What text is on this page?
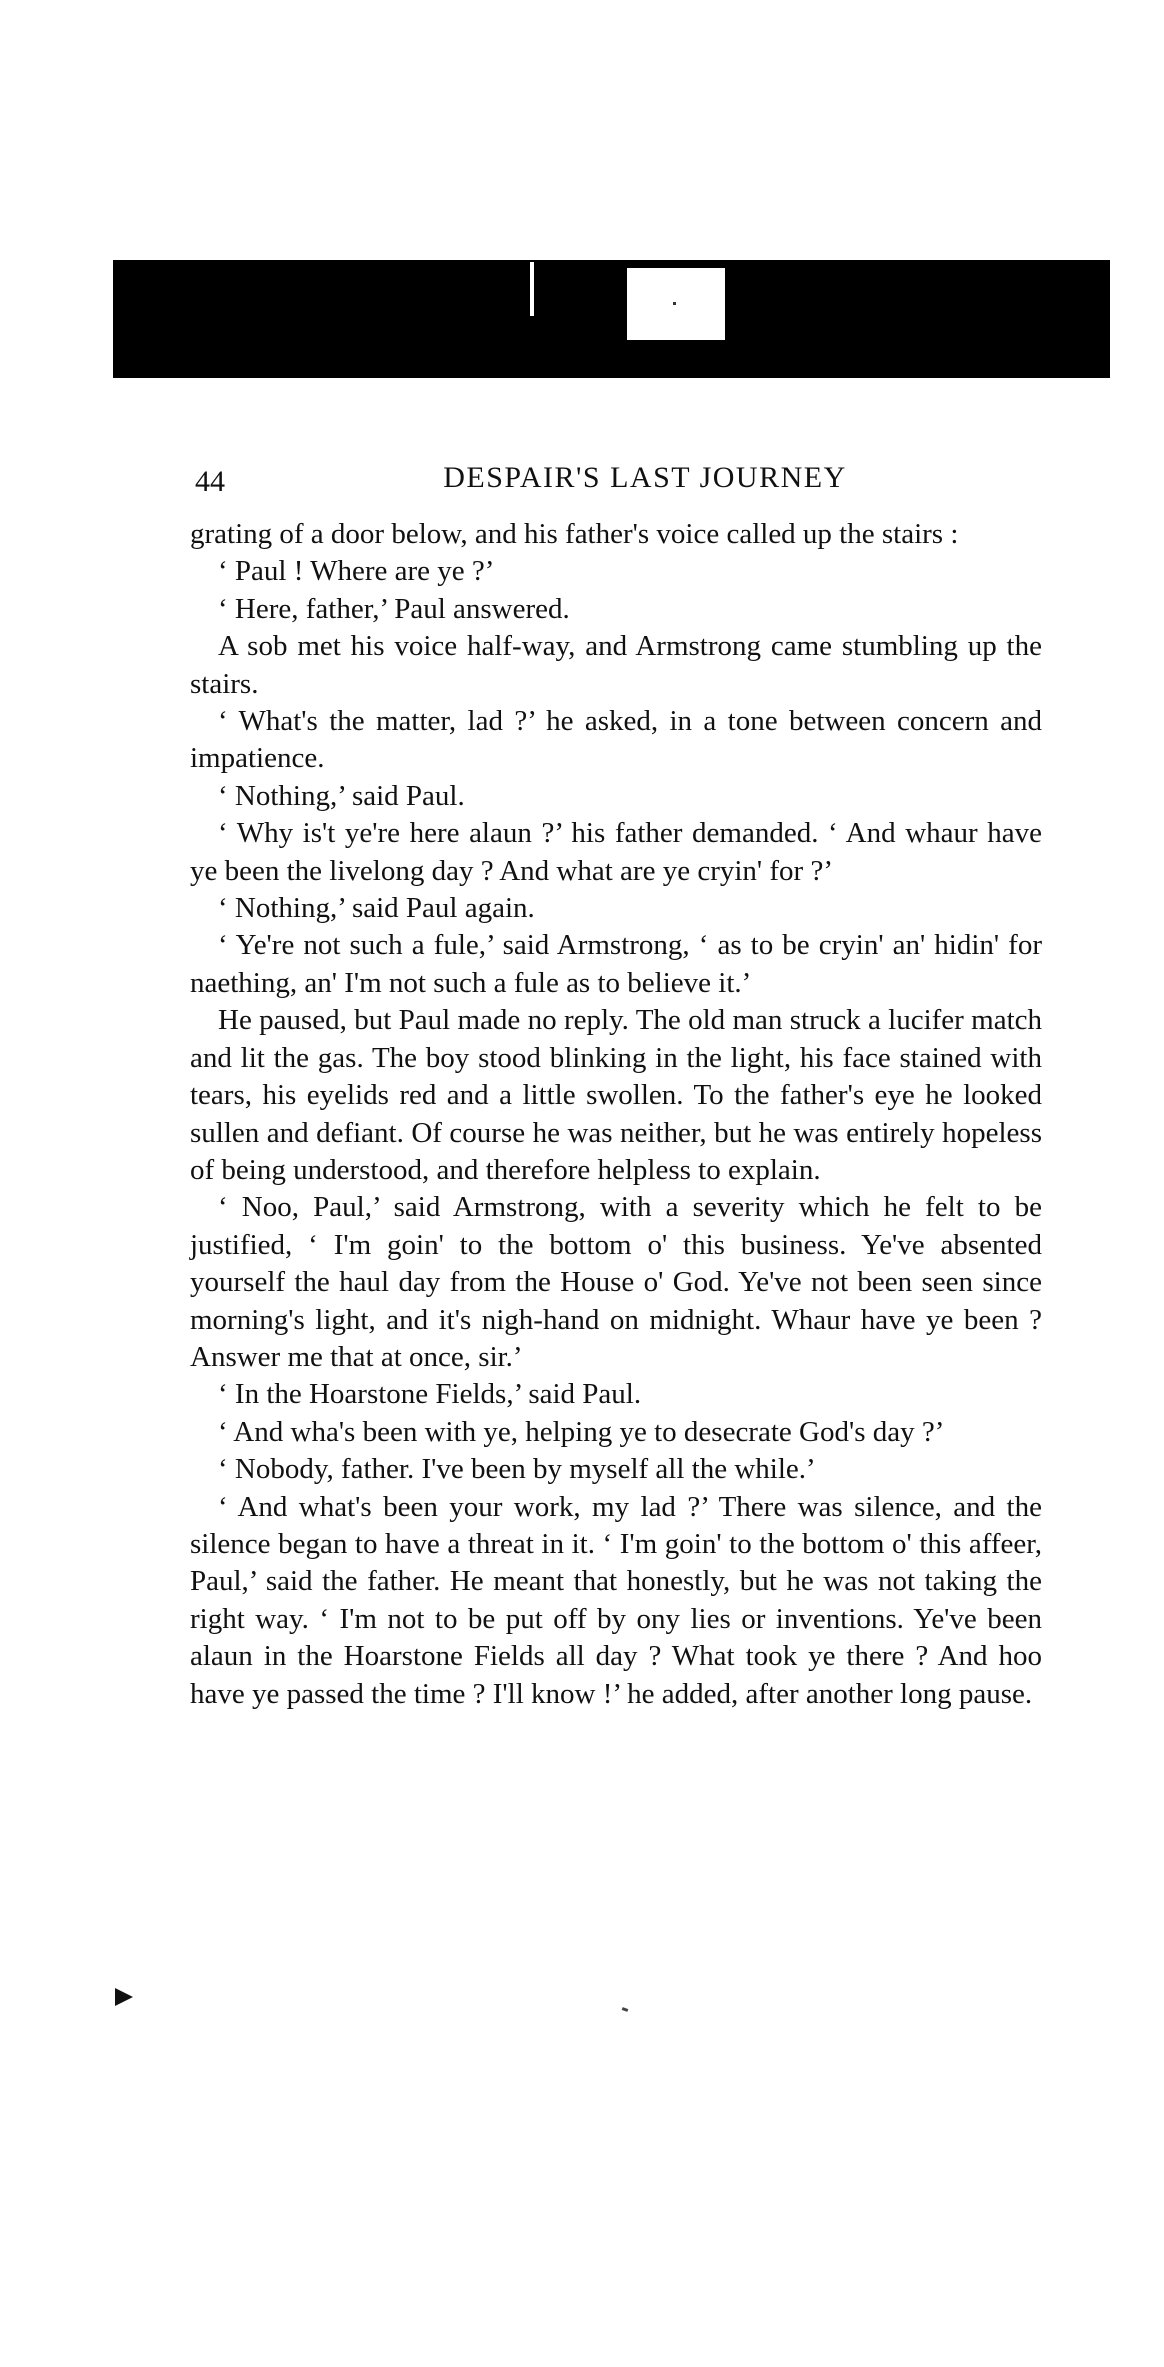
44	DESPAIR'S LAST JOURNEY

grating of a door below, and his father's voice called up the stairs :

‘ Paul ! Where are ye ?’

‘ Here, father,’ Paul answered.

A sob met his voice half-way, and Armstrong came stumbling up the stairs.

‘ What's the matter, lad ?’ he asked, in a tone between concern and impatience.

‘ Nothing,’ said Paul.

‘ Why is't ye're here alaun ?’ his father demanded. ‘ And whaur have ye been the livelong day ? And what are ye cryin' for ?’

‘ Nothing,’ said Paul again.

‘ Ye're not such a fule,’ said Armstrong, ‘ as to be cryin' an' hidin' for naething, an' I'm not such a fule as to believe it.’

He paused, but Paul made no reply. The old man struck a lucifer match and lit the gas. The boy stood blinking in the light, his face stained with tears, his eyelids red and a little swollen. To the father's eye he looked sullen and defiant. Of course he was neither, but he was entirely hopeless of being understood, and therefore helpless to explain.

‘ Noo, Paul,’ said Armstrong, with a severity which he felt to be justified, ‘ I'm goin' to the bottom o' this business. Ye've absented yourself the haul day from the House o' God. Ye've not been seen since morning's light, and it's nigh-hand on midnight. Whaur have ye been ? Answer me that at once, sir.’

‘ In the Hoarstone Fields,’ said Paul.

‘ And wha's been with ye, helping ye to desecrate God's day ?’

‘ Nobody, father. I've been by myself all the while.’

‘ And what's been your work, my lad ?’ There was silence, and the silence began to have a threat in it. ‘ I'm goin' to the bottom o' this affeer, Paul,’ said the father. He meant that honestly, but he was not taking the right way. ‘ I'm not to be put off by ony lies or inventions. Ye've been alaun in the Hoarstone Fields all day ? What took ye there ? And hoo have ye passed the time ? I'll know !’ he added, after another long pause.
